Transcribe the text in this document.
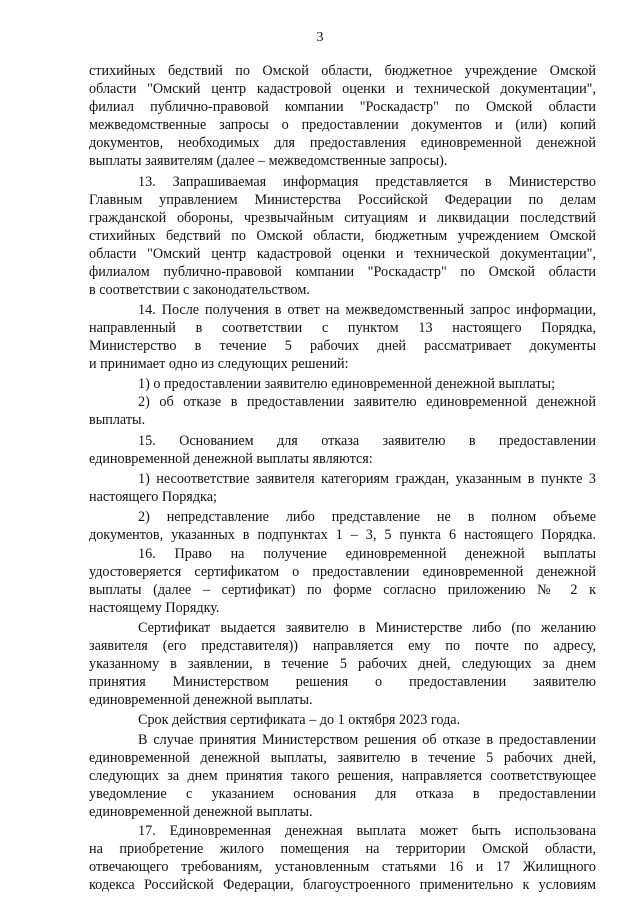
3
стихийных бедствий по Омской области, бюджетное учреждение Омской
области "Омский центр кадастровой оценки и технической документации",
филиал публично-правовой компании "Роскадастр" по Омской области
межведомственные запросы о предоставлении документов и (или) копий
документов, необходимых для предоставления единовременной денежной
выплаты заявителям (далее – межведомственные запросы).
13. Запрашиваемая информация представляется в Министерство
Главным управлением Министерства Российской Федерации по делам
гражданской обороны, чрезвычайным ситуациям и ликвидации последствий
стихийных бедствий по Омской области, бюджетным учреждением Омской
области "Омский центр кадастровой оценки и технической документации",
филиалом публично-правовой компании "Роскадастр" по Омской области
в соответствии с законодательством.
14. После получения в ответ на межведомственный запрос информации,
направленный в соответствии с пунктом 13 настоящего Порядка,
Министерство в течение 5 рабочих дней рассматривает документы
и принимает одно из следующих решений:
1) о предоставлении заявителю единовременной денежной выплаты;
2) об отказе в предоставлении заявителю единовременной денежной
выплаты.
15. Основанием для отказа заявителю в предоставлении
единовременной денежной выплаты являются:
1) несоответствие заявителя категориям граждан, указанным в пункте 3
настоящего Порядка;
2) непредставление либо представление не в полном объеме
документов, указанных в подпунктах 1 – 3, 5 пункта 6 настоящего Порядка.
16. Право на получение единовременной денежной выплаты
удостоверяется сертификатом о предоставлении единовременной денежной
выплаты (далее – сертификат) по форме согласно приложению № 2 к
настоящему Порядку.
Сертификат выдается заявителю в Министерстве либо (по желанию
заявителя (его представителя)) направляется ему по почте по адресу,
указанному в заявлении, в течение 5 рабочих дней, следующих за днем
принятия Министерством решения о предоставлении заявителю
единовременной денежной выплаты.
Срок действия сертификата – до 1 октября 2023 года.
В случае принятия Министерством решения об отказе в предоставлении
единовременной денежной выплаты, заявителю в течение 5 рабочих дней,
следующих за днем принятия такого решения, направляется соответствующее
уведомление с указанием основания для отказа в предоставлении
единовременной денежной выплаты.
17. Единовременная денежная выплата может быть использована
на приобретение жилого помещения на территории Омской области,
отвечающего требованиям, установленным статьями 16 и 17 Жилищного
кодекса Российской Федерации, благоустроенного применительно к условиям
